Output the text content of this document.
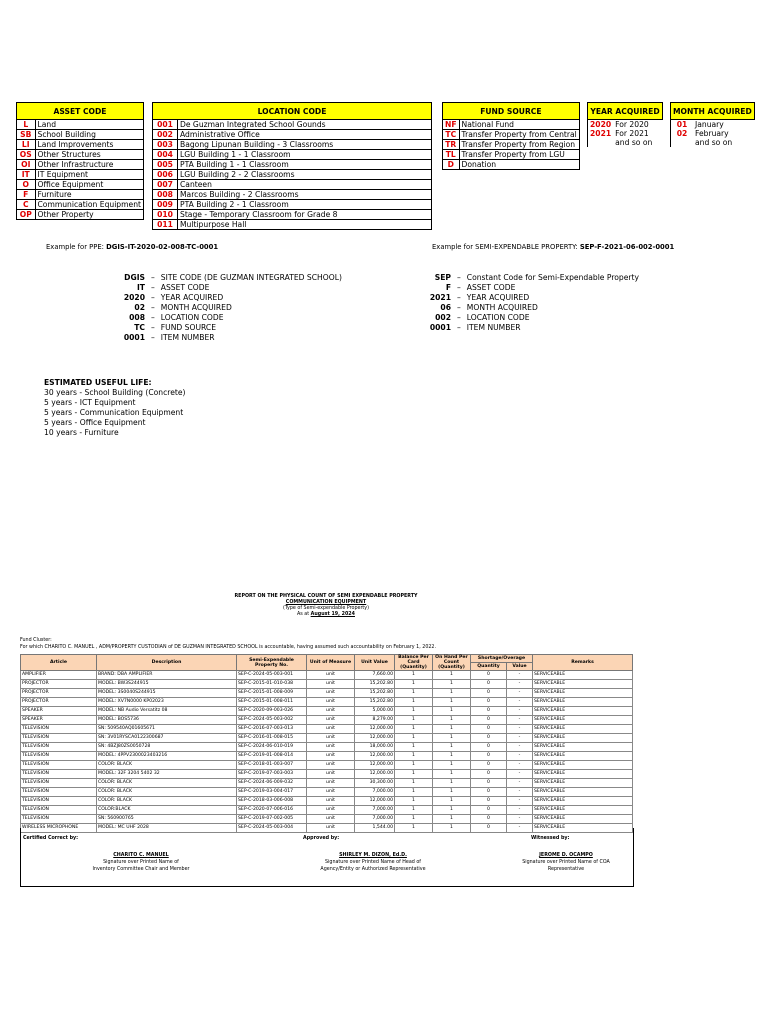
ASSET CODE	
L	Land
SB	School Building
LI	Land Improvements
OS	Other Structures
OI	Other Infrastructure
IT	IT Equipment
O	Office Equipment
F	Furniture
C	Communication Equipment
OP	Other Property
LOCATION CODE	
001	De Guzman Integrated School Gounds
002	Administrative Office
003	Bagong Lipunan Building - 3 Classrooms
004	LGU Building 1 - 1 Classroom
005	PTA Building 1 - 1 Classroom
006	LGU Building 2 - 2 Classrooms
007	Canteen
008	Marcos Building - 2 Classrooms
009	PTA Building 2 - 1 Classroom
010	Stage - Temporary Classroom for Grade 8
011	Multipurpose Hall
FUND SOURCE	
NF	National Fund
TC	Transfer Property from Central
TR	Transfer Property from Region
TL	Transfer Property from LGU
D	Donation
YEAR ACQUIRED	
2020	For 2020
2021	For 2021
	and so on
MONTH ACQUIRED	
01	January
02	February
	and so on
Example for PPE: DGIS-IT-2020-02-008-TC-0001	Example for SEMI-EXPENDABLE PROPERTY: SEP-F-2021-06-002-0001
DGIS	–	SITE CODE (DE GUZMAN INTEGRATED SCHOOL)
IT	–	ASSET CODE
2020	–	YEAR ACQUIRED
02	–	MONTH ACQUIRED
008	–	LOCATION CODE
TC	–	FUND SOURCE
0001	–	ITEM NUMBER
SEP	–	Constant Code for Semi-Expendable Property
F	–	ASSET CODE
2021	–	YEAR ACQUIRED
06	–	MONTH ACQUIRED
002	–	LOCATION CODE
0001	–	ITEM NUMBER
ESTIMATED USEFUL LIFE:
30 years - School Building (Concrete)
5 years - ICT Equipment
5 years - Communication Equipment
5 years - Office Equipment
10 years - Furniture
REPORT ON THE PHYSICAL COUNT OF SEMI EXPENDABLE PROPERTY
COMMUNICATION EQUIPMENT
(Type of Semi-expendable Property)
As at August 19, 2024
Fund Cluster:
For which CHARITO C. MANUEL , ADM/PROPERTY CUSTODIAN of DE GUZMAN INTEGRATED SCHOOL is accountable, having assumed such accountability on February 1, 2022.
Article	Description	Semi-Expendable Property No.	Unit of Measure	Unit Value	Balance Per Card (Quantity)	On Hand Per Count (Quantity)	Shortage/Overage		Remarks
							Quantity	Value	
AMPLIFIER	BRAND: DBA AMPLIFIER	SEP-C-2024-05-003-001	unit	7,660.00	1	1	0	-	SERVICEABLE
PROJECTOR	MODEL: BW3S244915	SEP-C-2015-01-010-038	unit	15,202.80	1	1	0	-	SERVICEABLE
PROJECTOR	MODEL: 3S0040S244915	SEP-C-2015-01-008-009	unit	15,202.80	1	1	0	-	SERVICEABLE
PROJECTOR	MODEL: XV7N0000 KP02023	SEP-C-2015-01-008-011	unit	15,202.80	1	1	0	-	SERVICEABLE
SPEAKER	MODEL: NB Audio Versatitz 08	SEP-C-2020-09-003-026	unit	5,000.00	1	1	0	-	SERVICEABLE
SPEAKER	MODEL: BOS5736	SEP-C-2024-05-003-002	unit	8,279.00	1	1	0	-	SERVICEABLE
TELEVISION	SN: 509540AQ01605671	SEP-C-2016-07-003-013	unit	12,000.00	1	1	0	-	SERVICEABLE
TELEVISION	SN: 3V01RYSCA0122300687	SEP-C-2016-01-008-015	unit	12,000.00	1	1	0	-	SERVICEABLE
TELEVISION	SN: 4BZJ80ZS0050728	SEP-C-2024-06-010-019	unit	18,000.00	1	1	0	-	SERVICEABLE
TELEVISION	MODEL: 4PPV2300023403216	SEP-C-2019-01-008-014	unit	12,000.00	1	1	0	-	SERVICEABLE
TELEVISION	COLOR: BLACK	SEP-C-2018-01-003-007	unit	12,000.00	1	1	0	-	SERVICEABLE
TELEVISION	MODEL: 32F 3204 5402 32	SEP-C-2019-07-003-003	unit	12,000.00	1	1	0	-	SERVICEABLE
TELEVISION	COLOR: BLACK	SEP-C-2024-06-009-032	unit	30,300.00	1	1	0	-	SERVICEABLE
TELEVISION	COLOR: BLACK	SEP-C-2019-03-004-017	unit	7,000.00	1	1	0	-	SERVICEABLE
TELEVISION	COLOR: BLACK	SEP-C-2018-03-006-008	unit	12,000.00	1	1	0	-	SERVICEABLE
TELEVISION	COLOR:BLACK	SEP-C-2020-07-006-016	unit	7,000.00	1	1	0	-	SERVICEABLE
TELEVISION	SN: 560900765	SEP-C-2019-07-002-005	unit	7,000.00	1	1	0	-	SERVICEABLE
WIRELESS MICROPHONE	MODEL: MC UHF 2028	SEP-C-2024-05-003-004	unit	1,544.00	1	1	0	-	SERVICEABLE
Certified Correct by:	Approved by:	Witnessed by:
CHARITO C. MANUEL
Signature over Printed Name of
Inventory Committee Chair and Member
SHIRLEY M. DIZON, Ed.D.
Signature over Printed Name of Head of
Agency/Entity or Authorized Representative
JEROME D. OCAMPO
Signature over Printed Name of COA
Representative
